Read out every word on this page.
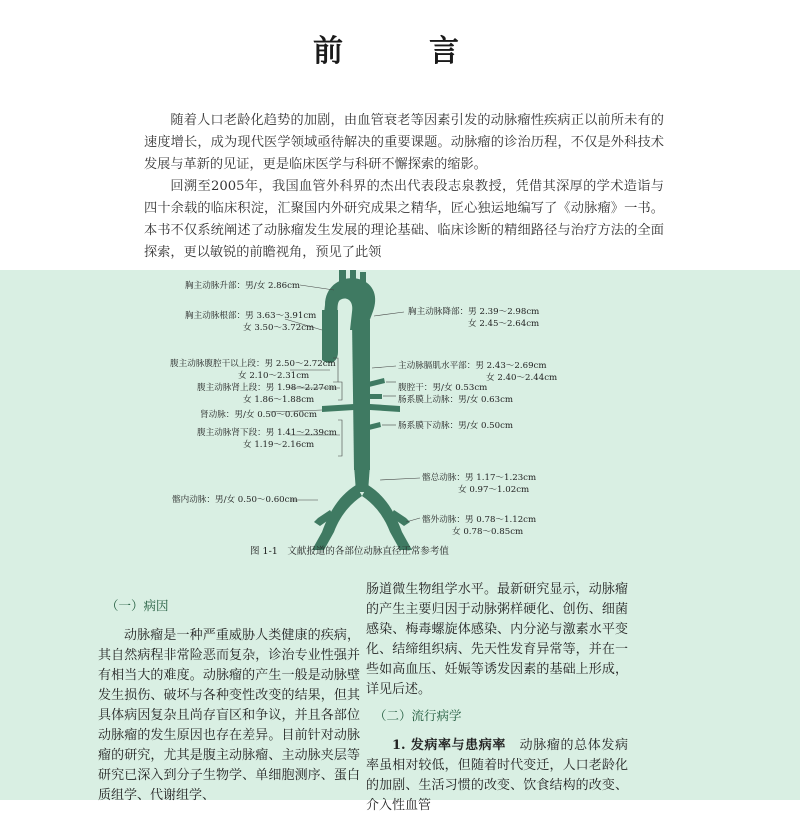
前　言

随着人口老龄化趋势的加剧，由血管衰老等因素引发的动脉瘤性疾病正以前所未有的速度增长，成为现代医学领域亟待解决的重要课题。动脉瘤的诊治历程，不仅是外科技术发展与革新的见证，更是临床医学与科研不懈探索的缩影。

回溯至2005年，我国血管外科界的杰出代表段志泉教授，凭借其深厚的学术造诣与四十余载的临床积淀，汇聚国内外研究成果之精华，匠心独运地编写了《动脉瘤》一书。本书不仅系统阐述了动脉瘤发生发展的理论基础、临床诊断的精细路径与治疗方法的全面探索，更以敏锐的前瞻视角，预见了此领

胸主动脉升部：男/女 2.86cm
胸主动脉根部：男 3.63～3.91cm
女 3.50～3.72cm
腹主动脉腹腔干以上段：男 2.50～2.72cm
女 2.10～2.31cm
腹主动脉肾上段：男 1.98～2.27cm
女 1.86～1.88cm
肾动脉：男/女 0.50～0.60cm
腹主动脉肾下段：男 1.41～2.39cm
女 1.19～2.16cm
髂内动脉：男/女 0.50～0.60cm
胸主动脉降部：男 2.39～2.98cm
女 2.45～2.64cm
主动脉膈肌水平部：男 2.43～2.69cm
女 2.40～2.44cm
腹腔干：男/女 0.53cm
肠系膜上动脉：男/女 0.63cm
肠系膜下动脉：男/女 0.50cm
髂总动脉：男 1.17～1.23cm
女 0.97～1.02cm
髂外动脉：男 0.78～1.12cm
女 0.78～0.85cm
图 1-1　文献报道的各部位动脉直径正常参考值

（一）病因

动脉瘤是一种严重威胁人类健康的疾病，其自然病程非常险恶而复杂，诊治专业性强并有相当大的难度。动脉瘤的产生一般是动脉壁发生损伤、破坏与各种变性改变的结果，但其具体病因复杂且尚存盲区和争议，并且各部位动脉瘤的发生原因也存在差异。目前针对动脉瘤的研究，尤其是腹主动脉瘤、主动脉夹层等研究已深入到分子生物学、单细胞测序、蛋白质组学、代谢组学、

肠道微生物组学水平。最新研究显示，动脉瘤的产生主要归因于动脉粥样硬化、创伤、细菌感染、梅毒螺旋体感染、内分泌与激素水平变化、结缔组织病、先天性发育异常等，并在一些如高血压、妊娠等诱发因素的基础上形成，详见后述。

（二）流行病学

1. 发病率与患病率　 动脉瘤的总体发病率虽相对较低，但随着时代变迁，人口老龄化的加剧、生活习惯的改变、饮食结构的改变、介入性血管
